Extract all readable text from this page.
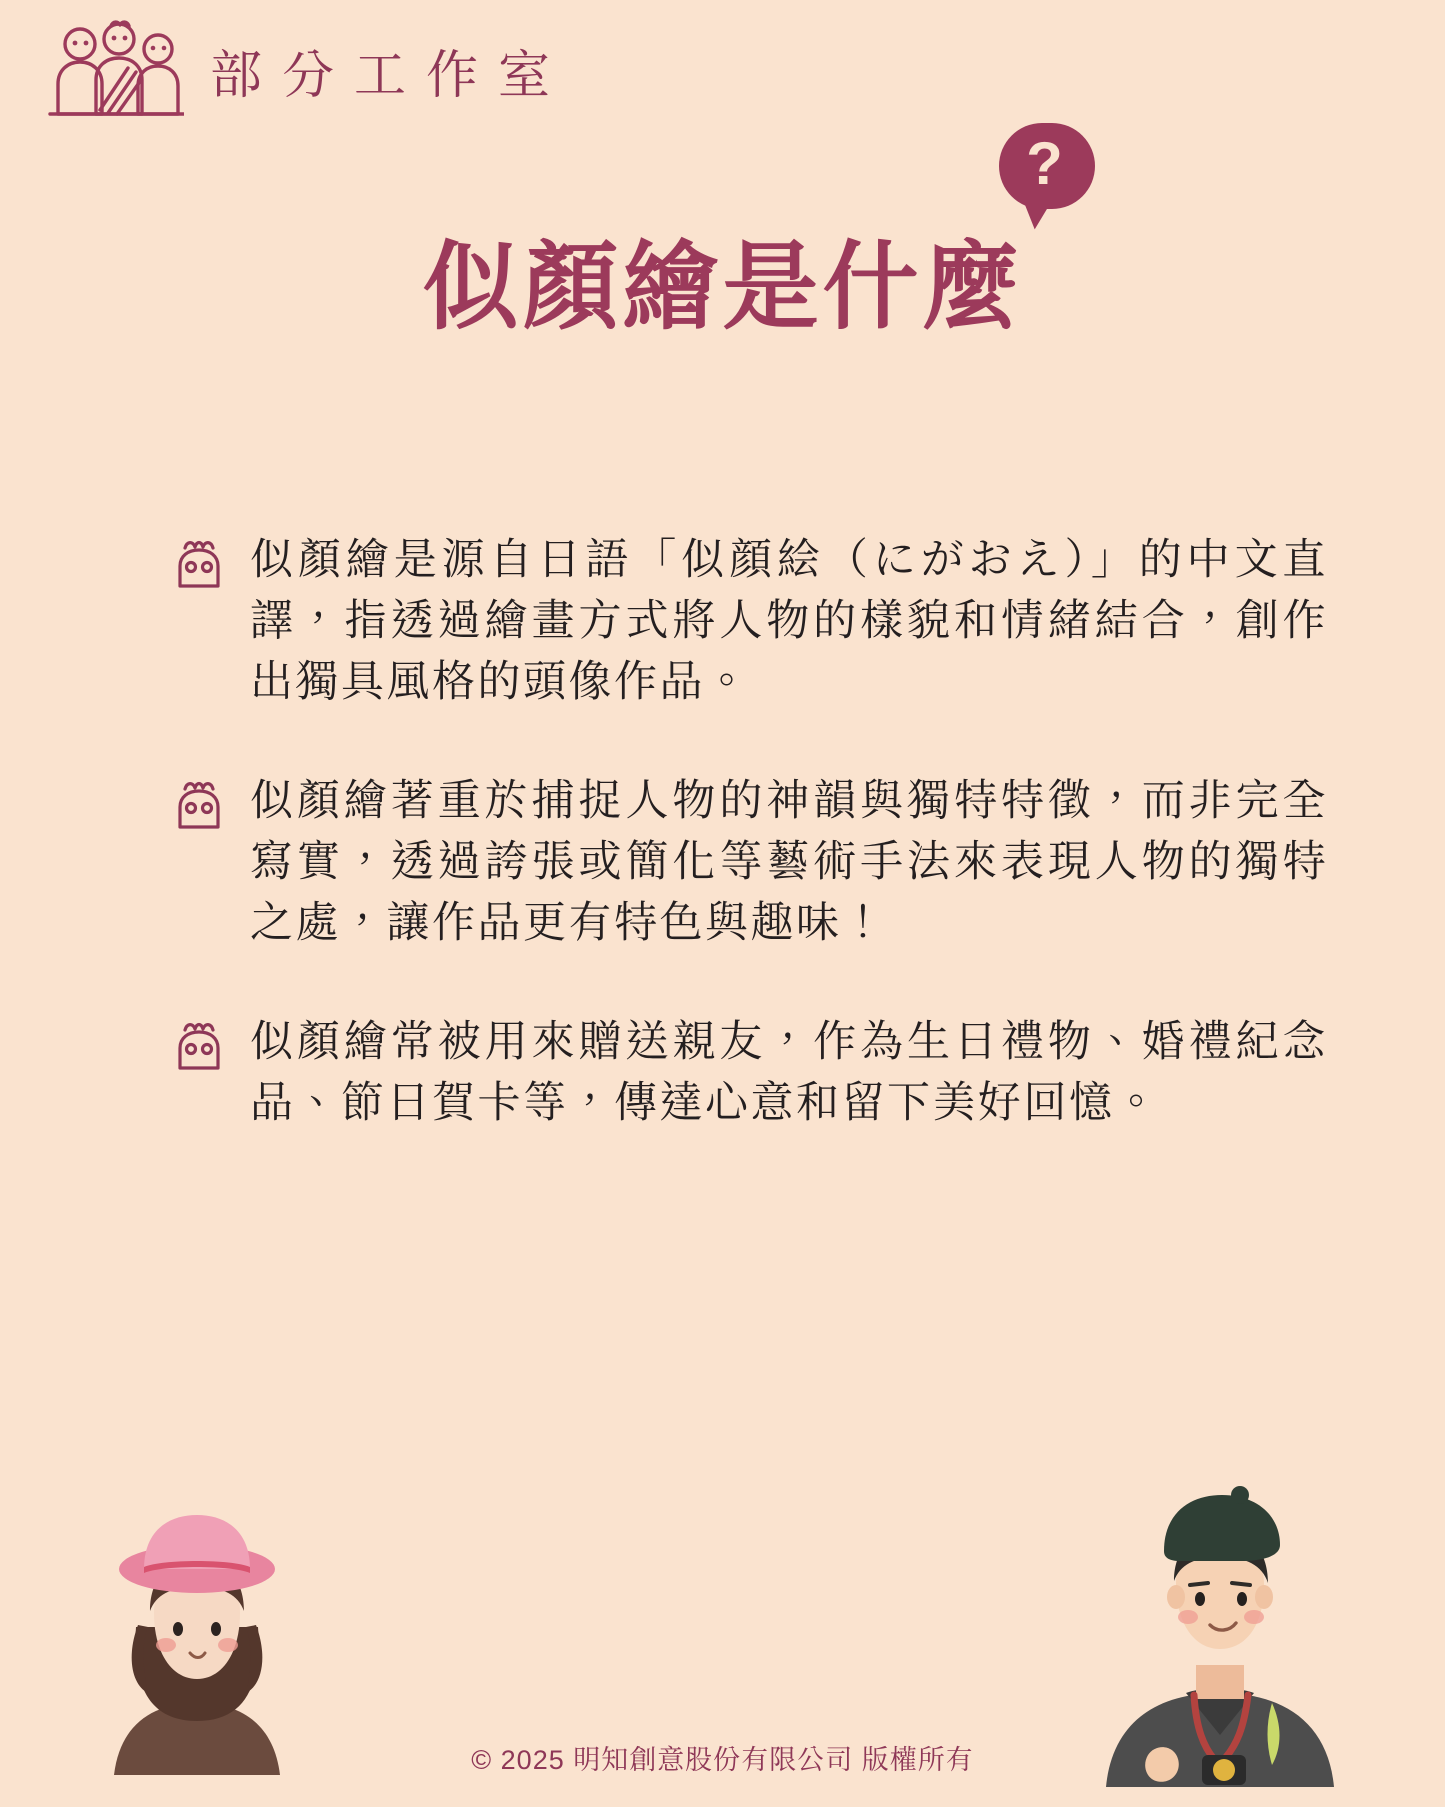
部分工作室
似顏繪是什麼
?
似顏繪是源自日語「似顔絵（にがおえ）」的中文直譯，指透過繪畫方式將人物的樣貌和情緒結合，創作出獨具風格的頭像作品。
似顏繪著重於捕捉人物的神韻與獨特特徵，而非完全寫實，透過誇張或簡化等藝術手法來表現人物的獨特之處，讓作品更有特色與趣味！
似顏繪常被用來贈送親友，作為生日禮物、婚禮紀念品、節日賀卡等，傳達心意和留下美好回憶。
© 2025 明知創意股份有限公司 版權所有
